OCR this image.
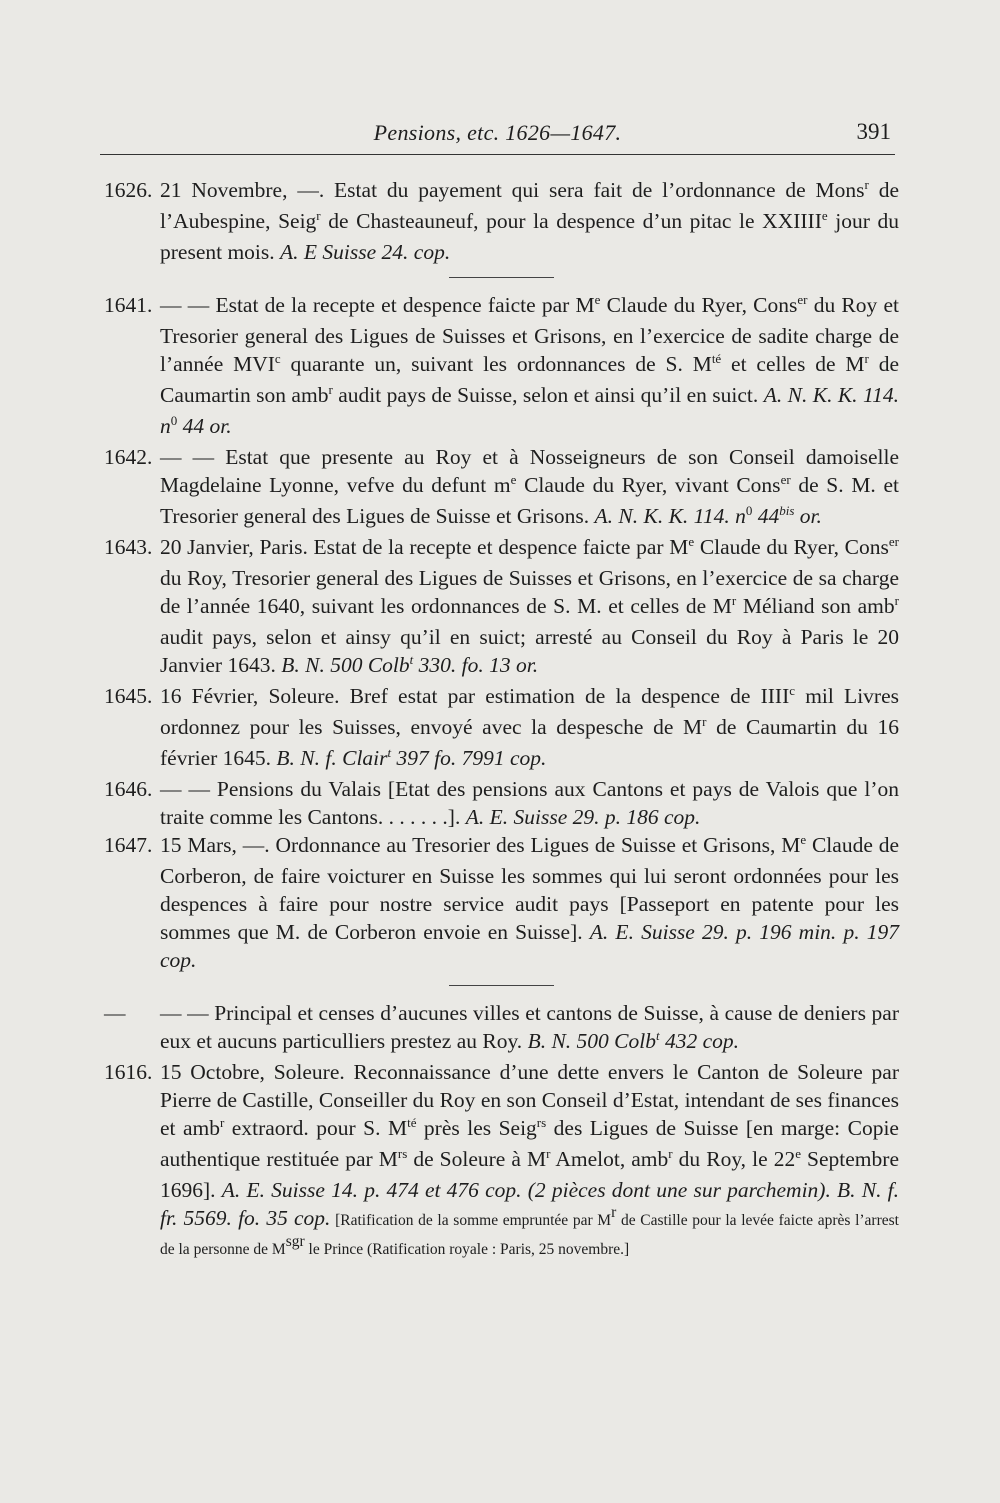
Pensions, etc. 1626—1647.	391

1626. 21 Novembre, —. Estat du payement qui sera fait de l’ordonnance de Mons$^r$ de l’Aubespine, Seig$^r$ de Chasteauneuf, pour la despence d’un pitac le XXIIIIe jour du present mois. A. E Suisse 24. cop.

1641. — — Estat de la recepte et despence faicte par Me Claude du Ryer, Cons$^{er}$ du Roy et Tresorier general des Ligues de Suisses et Grisons, en l’exercice de sadite charge de l’année MVI$^c$ quarante un, suivant les ordonnances de S. $M^{té}$ et celles de $M^r$ de Caumartin son amb$^r$ audit pays de Suisse, selon et ainsi qu’il en suict. A. N. K. K. 114. $n^0$ 44 or.

1642. — — Estat que presente au Roy et à Nosseigneurs de son Conseil damoiselle Magdelaine Lyonne, vefve du defunt $m^e$ Claude du Ryer, vivant Cons$^{er}$ de S. M. et Tresorier general des Ligues de Suisse et Grisons. A. N. K. K. 114. $n^0$ 44$^{bis}$ or.

1643. 20 Janvier, Paris. Estat de la recepte et despence faicte par Me Claude du Ryer, Cons$^{er}$ du Roy, Tresorier general des Ligues de Suisses et Grisons, en l’exercice de sa charge de l’année 1640, suivant les ordonnances de S. M. et celles de $M^r$ Méliand son amb$^r$ audit pays, selon et ainsy qu’il en suict; arresté au Conseil du Roy à Paris le 20 Janvier 1643. B. N. 500 Colb$^t$ 330. fo. 13 or.

1645. 16 Février, Soleure. Bref estat par estimation de la despence de IIII$^c$ mil Livres ordonnez pour les Suisses, envoyé avec la despesche de $M^r$ de Caumartin du 16 février 1645. B. N. f. Clair$^t$ 397 fo. 7991 cop.

1646. — — Pensions du Valais [Etat des pensions aux Cantons et pays de Valois que l’on traite comme les Cantons. . . . . . .]. A. E. Suisse 29. p. 186 cop.

1647. 15 Mars, —. Ordonnance au Tresorier des Ligues de Suisse et Grisons, Me Claude de Corberon, de faire voicturer en Suisse les sommes qui lui seront ordonnées pour les despences à faire pour nostre service audit pays [Passeport en patente pour les sommes que M. de Corberon envoie en Suisse]. A. E. Suisse 29. p. 196 min. p. 197 cop.

— — — Principal et censes d’aucunes villes et cantons de Suisse, à cause de deniers par eux et aucuns particulliers prestez au Roy. B. N. 500 Colb$^t$ 432 cop.

1616. 15 Octobre, Soleure. Reconnaissance d’une dette envers le Canton de Soleure par Pierre de Castille, Conseiller du Roy en son Conseil d’Estat, intendant de ses finances et amb$^r$ extraord. pour S. $M^{té}$ près les Seig$^{rs}$ des Ligues de Suisse [en marge: Copie authentique restituée par $M^{rs}$ de Soleure à $M^r$ Amelot, amb$^r$ du Roy, le 22e Septembre 1696]. A. E. Suisse 14. p. 474 et 476 cop. (2 pièces dont une sur parchemin). B. N. f. fr. 5569. fo. 35 cop. [Ratification de la somme empruntée par $M^r$ de Castille pour la levée faicte après l’arrest de la personne de $M^{sgr}$ le Prince (Ratification royale : Paris, 25 novembre.]
